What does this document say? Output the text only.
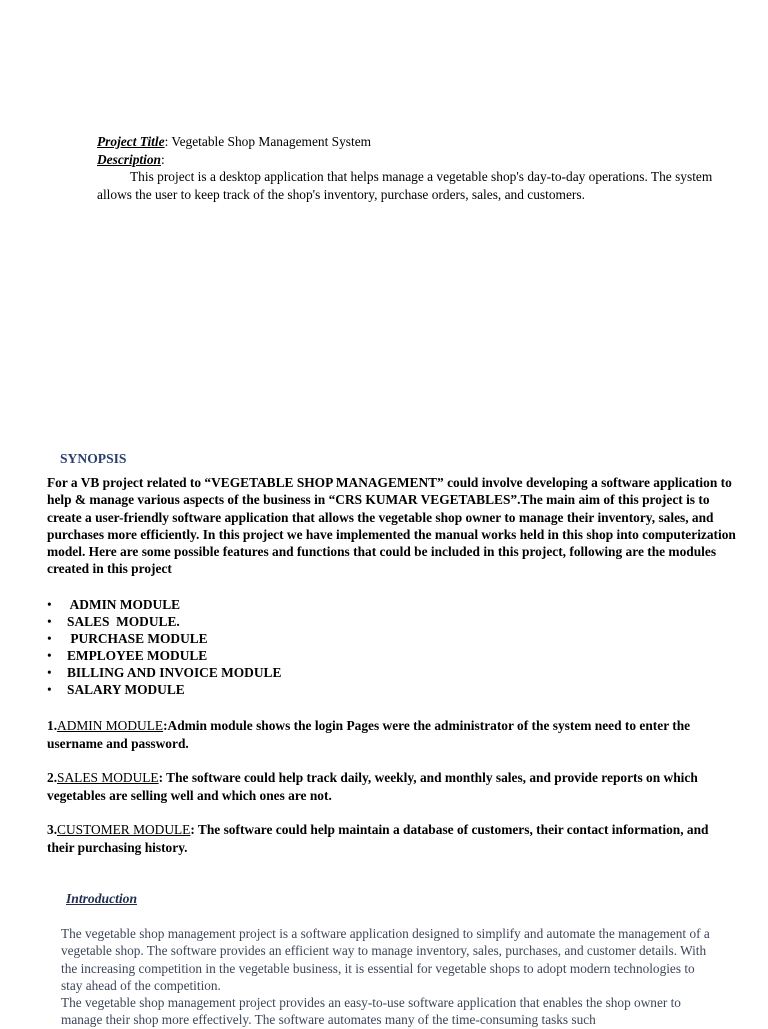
Project Title: Vegetable Shop Management System

Description:

This project is a desktop application that helps manage a vegetable shop's day-to-day operations. The system allows the user to keep track of the shop's inventory, purchase orders, sales, and customers.

SYNOPSIS

For a VB project related to “VEGETABLE SHOP MANAGEMENT” could involve developing a software application to help & manage various aspects of the business in “CRS KUMAR VEGETABLES”.The main aim of this project is to create a user-friendly software application that allows the vegetable shop owner to manage their inventory, sales, and purchases more efficiently. In this project we have implemented the manual works held in this shop into computerization model. Here are some possible features and functions that could be included in this project, following are the modules created in this project

•	ADMIN MODULE
•	SALES  MODULE.
•	PURCHASE MODULE
•	EMPLOYEE MODULE
•	BILLING AND INVOICE MODULE
•	SALARY MODULE

1.ADMIN MODULE:Admin module shows the login Pages were the administrator of the system need to enter the username and password.

2.SALES MODULE: The software could help track daily, weekly, and monthly sales, and provide reports on which vegetables are selling well and which ones are not.

3.CUSTOMER MODULE: The software could help maintain a database of customers, their contact information, and their purchasing history.

Introduction

The vegetable shop management project is a software application designed to simplify and automate the management of a vegetable shop. The software provides an efficient way to manage inventory, sales, purchases, and customer details. With the increasing competition in the vegetable business, it is essential for vegetable shops to adopt modern technologies to stay ahead of the competition.

The vegetable shop management project provides an easy-to-use software application that enables the shop owner to manage their shop more effectively. The software automates many of the time-consuming tasks such
